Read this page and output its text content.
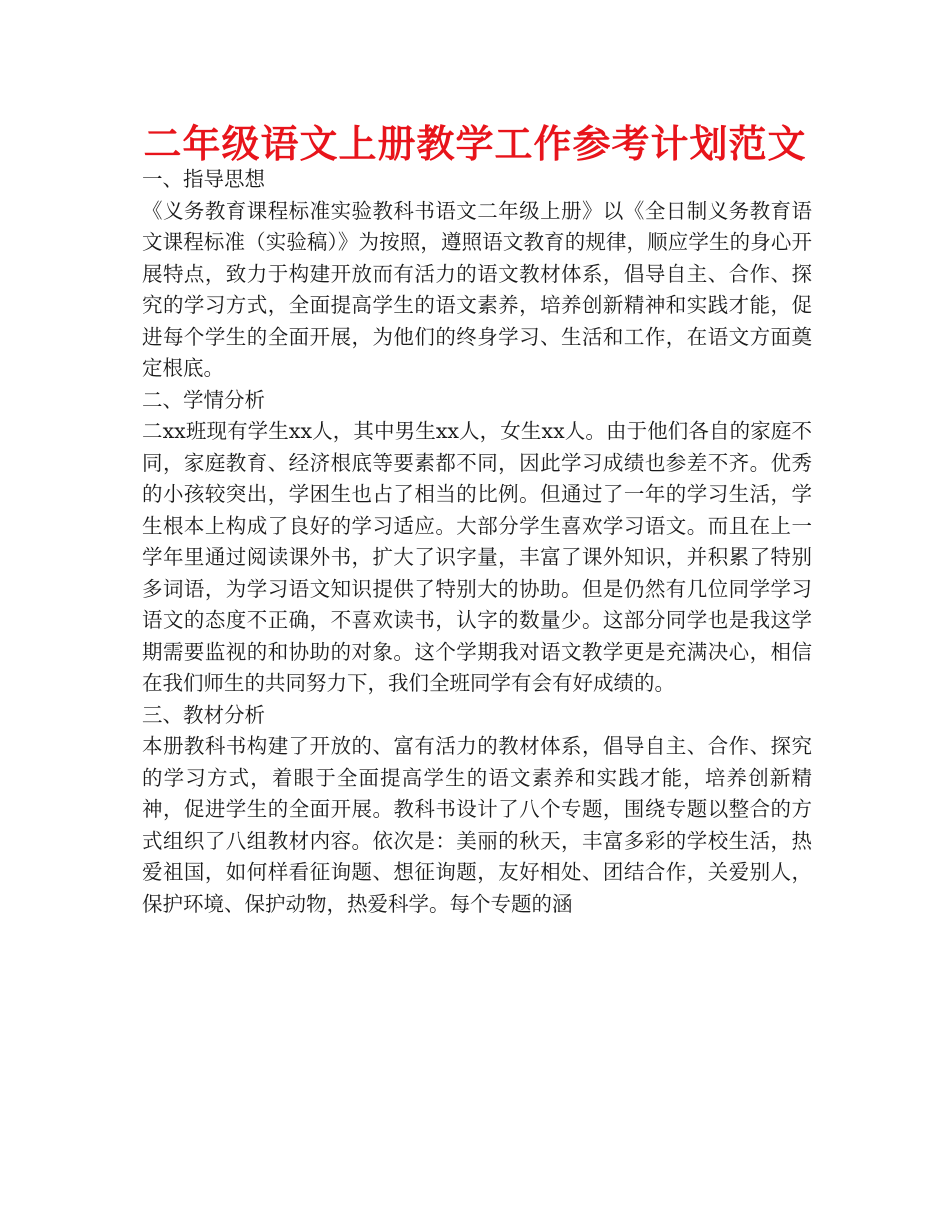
二年级语文上册教学工作参考计划范文

一、指导思想

《义务教育课程标准实验教科书语文二年级上册》以《全日制义务教育语文课程标准（实验稿）》为按照，遵照语文教育的规律，顺应学生的身心开展特点，致力于构建开放而有活力的语文教材体系，倡导自主、合作、探究的学习方式，全面提高学生的语文素养，培养创新精神和实践才能，促进每个学生的全面开展，为他们的终身学习、生活和工作，在语文方面奠定根底。

二、学情分析

二xx班现有学生xx人，其中男生xx人，女生xx人。由于他们各自的家庭不同，家庭教育、经济根底等要素都不同，因此学习成绩也参差不齐。优秀的小孩较突出，学困生也占了相当的比例。但通过了一年的学习生活，学生根本上构成了良好的学习适应。大部分学生喜欢学习语文。而且在上一学年里通过阅读课外书，扩大了识字量，丰富了课外知识，并积累了特别多词语，为学习语文知识提供了特别大的协助。但是仍然有几位同学学习语文的态度不正确，不喜欢读书，认字的数量少。这部分同学也是我这学期需要监视的和协助的对象。这个学期我对语文教学更是充满决心，相信在我们师生的共同努力下，我们全班同学有会有好成绩的。

三、教材分析

本册教科书构建了开放的、富有活力的教材体系，倡导自主、合作、探究的学习方式，着眼于全面提高学生的语文素养和实践才能，培养创新精神，促进学生的全面开展。教科书设计了八个专题，围绕专题以整合的方式组织了八组教材内容。依次是：美丽的秋天，丰富多彩的学校生活，热爱祖国，如何样看征询题、想征询题，友好相处、团结合作，关爱别人，保护环境、保护动物，热爱科学。每个专题的涵
